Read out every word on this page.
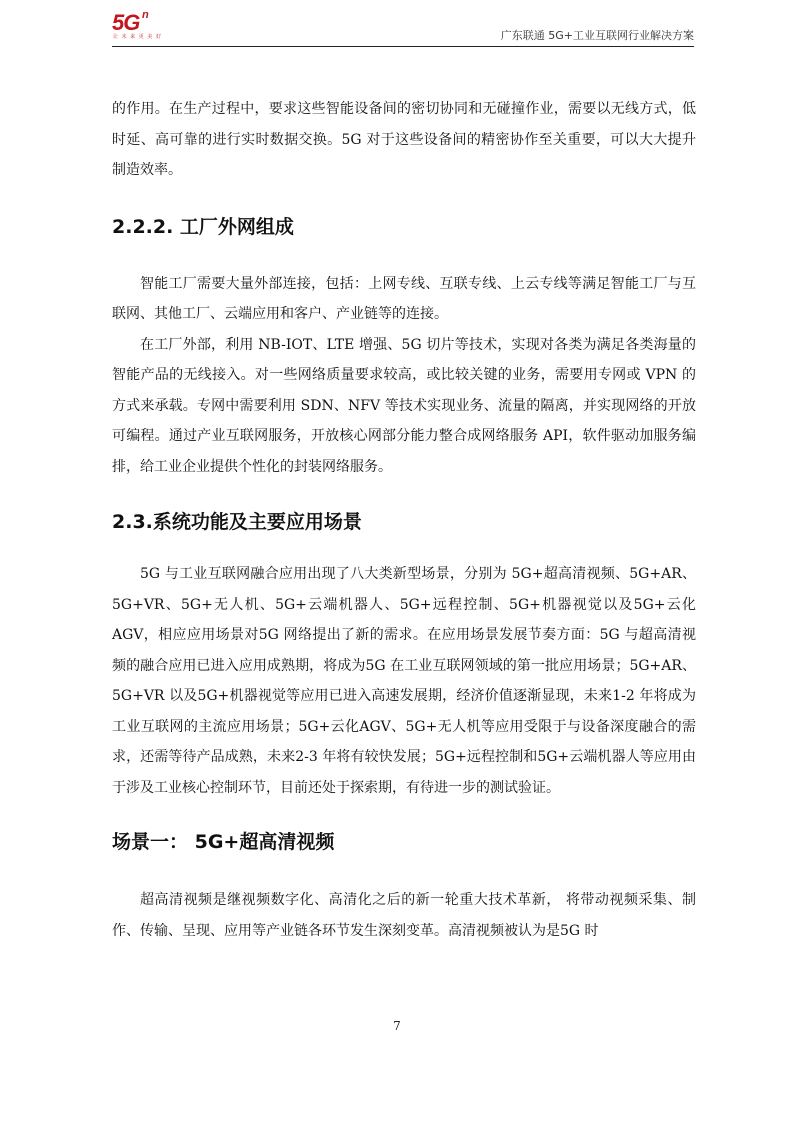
5G n
让 未 来 更 美 好	广东联通 5G+工业互联网行业解决方案

的作用。在生产过程中，要求这些智能设备间的密切协同和无碰撞作业，需要以无线方式，低时延、高可靠的进行实时数据交换。5G 对于这些设备间的精密协作至关重要，可以大大提升制造效率。

2.2.2. 工厂外网组成

智能工厂需要大量外部连接，包括：上网专线、互联专线、上云专线等满足智能工厂与互联网、其他工厂、云端应用和客户、产业链等的连接。

在工厂外部，利用 NB-IOT、LTE 增强、5G 切片等技术，实现对各类为满足各类海量的智能产品的无线接入。对一些网络质量要求较高，或比较关键的业务，需要用专网或 VPN 的方式来承载。专网中需要利用 SDN、NFV 等技术实现业务、流量的隔离，并实现网络的开放可编程。通过产业互联网服务，开放核心网部分能力整合成网络服务 API，软件驱动加服务编排，给工业企业提供个性化的封装网络服务。

2.3.系统功能及主要应用场景

5G 与工业互联网融合应用出现了八大类新型场景，分别为 5G+超高清视频、5G+AR、5G+VR、5G+无人机、5G+云端机器人、5G+远程控制、5G+机器视觉以及5G+云化AGV，相应应用场景对5G 网络提出了新的需求。在应用场景发展节奏方面：5G 与超高清视频的融合应用已进入应用成熟期，将成为5G 在工业互联网领域的第一批应用场景；5G+AR、5G+VR 以及5G+机器视觉等应用已进入高速发展期，经济价值逐渐显现，未来1-2 年将成为工业互联网的主流应用场景；5G+云化AGV、5G+无人机等应用受限于与设备深度融合的需求，还需等待产品成熟，未来2-3 年将有较快发展；5G+远程控制和5G+云端机器人等应用由于涉及工业核心控制环节，目前还处于探索期，有待进一步的测试验证。

场景一： 5G+超高清视频

超高清视频是继视频数字化、高清化之后的新一轮重大技术革新， 将带动视频采集、制作、传输、呈现、应用等产业链各环节发生深刻变革。高清视频被认为是5G 时

7
